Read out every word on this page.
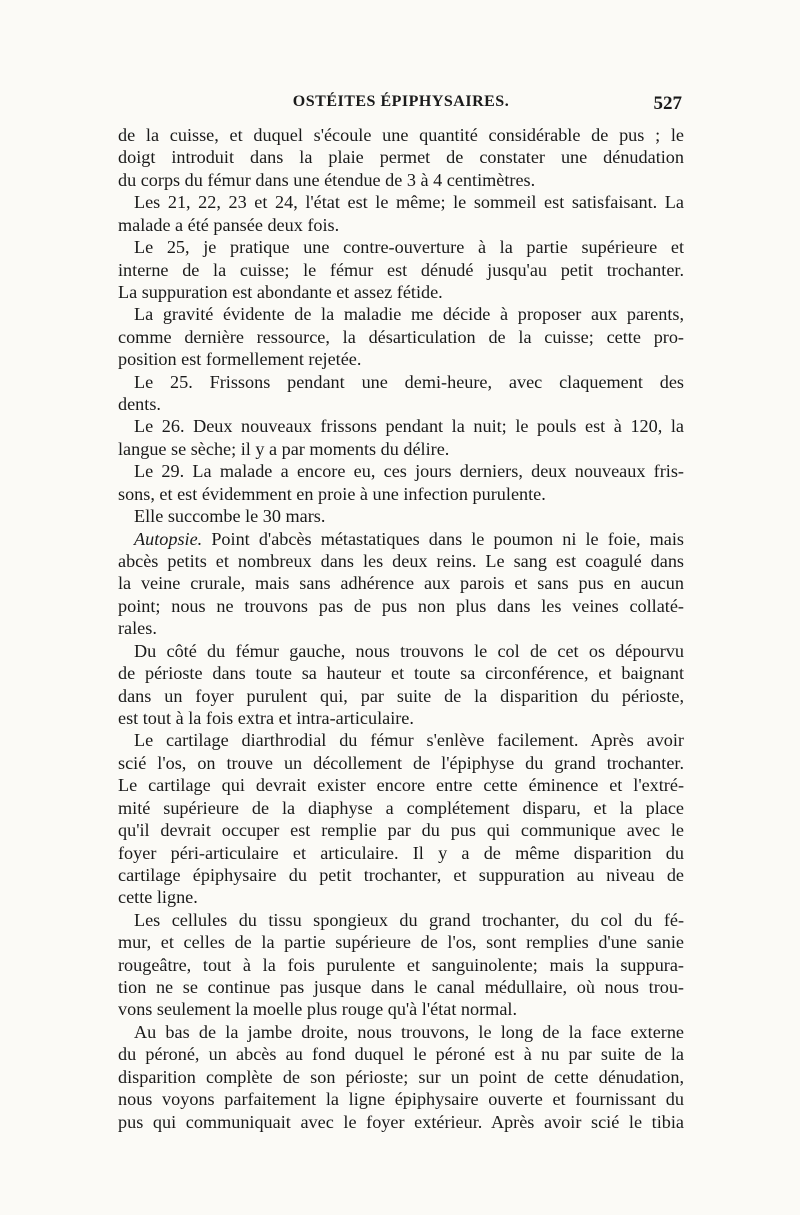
OSTÉITES ÉPIPHYSAIRES.	527
de la cuisse, et duquel s'écoule une quantité considérable de pus ; le
doigt introduit dans la plaie permet de constater une dénudation
du corps du fémur dans une étendue de 3 à 4 centimètres.
Les 21, 22, 23 et 24, l'état est le même; le sommeil est satisfaisant. La
malade a été pansée deux fois.
Le 25, je pratique une contre-ouverture à la partie supérieure et
interne de la cuisse; le fémur est dénudé jusqu'au petit trochanter.
La suppuration est abondante et assez fétide.
La gravité évidente de la maladie me décide à proposer aux parents,
comme dernière ressource, la désarticulation de la cuisse; cette pro-
position est formellement rejetée.
Le 25. Frissons pendant une demi-heure, avec claquement des
dents.
Le 26. Deux nouveaux frissons pendant la nuit; le pouls est à 120, la
langue se sèche; il y a par moments du délire.
Le 29. La malade a encore eu, ces jours derniers, deux nouveaux fris-
sons, et est évidemment en proie à une infection purulente.
Elle succombe le 30 mars.
Autopsie. Point d'abcès métastatiques dans le poumon ni le foie, mais
abcès petits et nombreux dans les deux reins. Le sang est coagulé dans
la veine crurale, mais sans adhérence aux parois et sans pus en aucun
point; nous ne trouvons pas de pus non plus dans les veines collaté-
rales.
Du côté du fémur gauche, nous trouvons le col de cet os dépourvu
de périoste dans toute sa hauteur et toute sa circonférence, et baignant
dans un foyer purulent qui, par suite de la disparition du périoste,
est tout à la fois extra et intra-articulaire.
Le cartilage diarthrodial du fémur s'enlève facilement. Après avoir
scié l'os, on trouve un décollement de l'épiphyse du grand trochanter.
Le cartilage qui devrait exister encore entre cette éminence et l'extré-
mité supérieure de la diaphyse a complétement disparu, et la place
qu'il devrait occuper est remplie par du pus qui communique avec le
foyer péri-articulaire et articulaire. Il y a de même disparition du
cartilage épiphysaire du petit trochanter, et suppuration au niveau de
cette ligne.
Les cellules du tissu spongieux du grand trochanter, du col du fé-
mur, et celles de la partie supérieure de l'os, sont remplies d'une sanie
rougeâtre, tout à la fois purulente et sanguinolente; mais la suppura-
tion ne se continue pas jusque dans le canal médullaire, où nous trou-
vons seulement la moelle plus rouge qu'à l'état normal.
Au bas de la jambe droite, nous trouvons, le long de la face externe
du péroné, un abcès au fond duquel le péroné est à nu par suite de la
disparition complète de son périoste; sur un point de cette dénudation,
nous voyons parfaitement la ligne épiphysaire ouverte et fournissant du
pus qui communiquait avec le foyer extérieur. Après avoir scié le tibia
